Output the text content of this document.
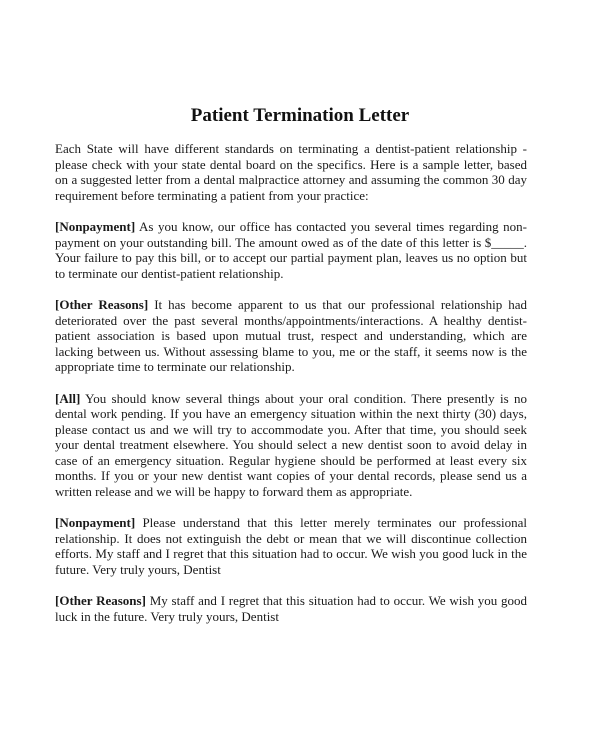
Patient Termination Letter

Each State will have different standards on terminating a dentist-patient relationship - please check with your state dental board on the specifics. Here is a sample letter, based on a suggested letter from a dental malpractice attorney and assuming the common 30 day requirement before terminating a patient from your practice:

[Nonpayment] As you know, our office has contacted you several times regarding non-payment on your outstanding bill. The amount owed as of the date of this letter is $_____. Your failure to pay this bill, or to accept our partial payment plan, leaves us no option but to terminate our dentist-patient relationship.

[Other Reasons] It has become apparent to us that our professional relationship had deteriorated over the past several months/appointments/interactions. A healthy dentist-patient association is based upon mutual trust, respect and understanding, which are lacking between us. Without assessing blame to you, me or the staff, it seems now is the appropriate time to terminate our relationship.

[All] You should know several things about your oral condition. There presently is no dental work pending. If you have an emergency situation within the next thirty (30) days, please contact us and we will try to accommodate you. After that time, you should seek your dental treatment elsewhere. You should select a new dentist soon to avoid delay in case of an emergency situation. Regular hygiene should be performed at least every six months. If you or your new dentist want copies of your dental records, please send us a written release and we will be happy to forward them as appropriate.

[Nonpayment] Please understand that this letter merely terminates our professional relationship. It does not extinguish the debt or mean that we will discontinue collection efforts. My staff and I regret that this situation had to occur. We wish you good luck in the future. Very truly yours, Dentist

[Other Reasons] My staff and I regret that this situation had to occur. We wish you good luck in the future. Very truly yours, Dentist
